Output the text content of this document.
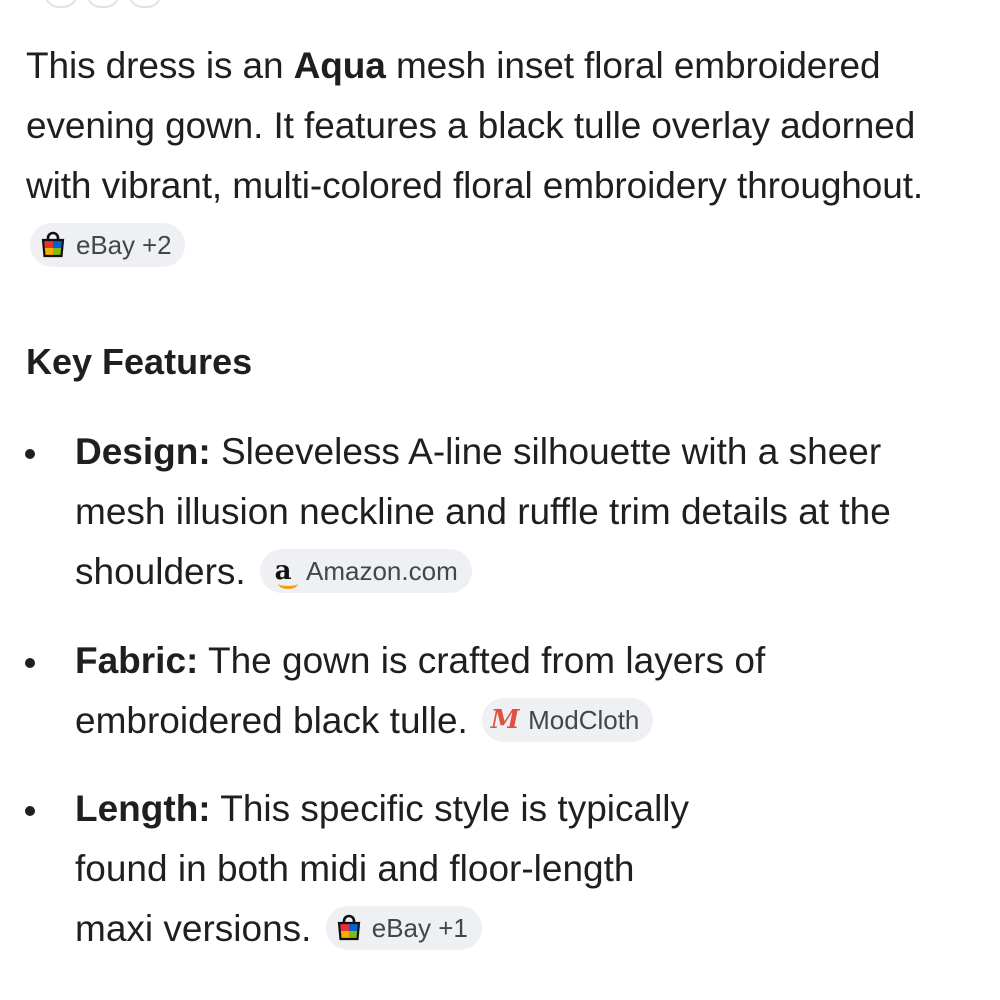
This dress is an Aqua mesh inset floral embroidered evening gown. It features a black tulle overlay adorned with vibrant, multi-colored floral embroidery throughout.
eBay +2

Key Features

Design: Sleeveless A-line silhouette with a sheer mesh illusion neckline and ruffle trim details at the shoulders. a Amazon.com

Fabric: The gown is crafted from layers of embroidered black tulle. M ModCloth

Length: This specific style is typically found in both midi and floor-length maxi versions. eBay +1
